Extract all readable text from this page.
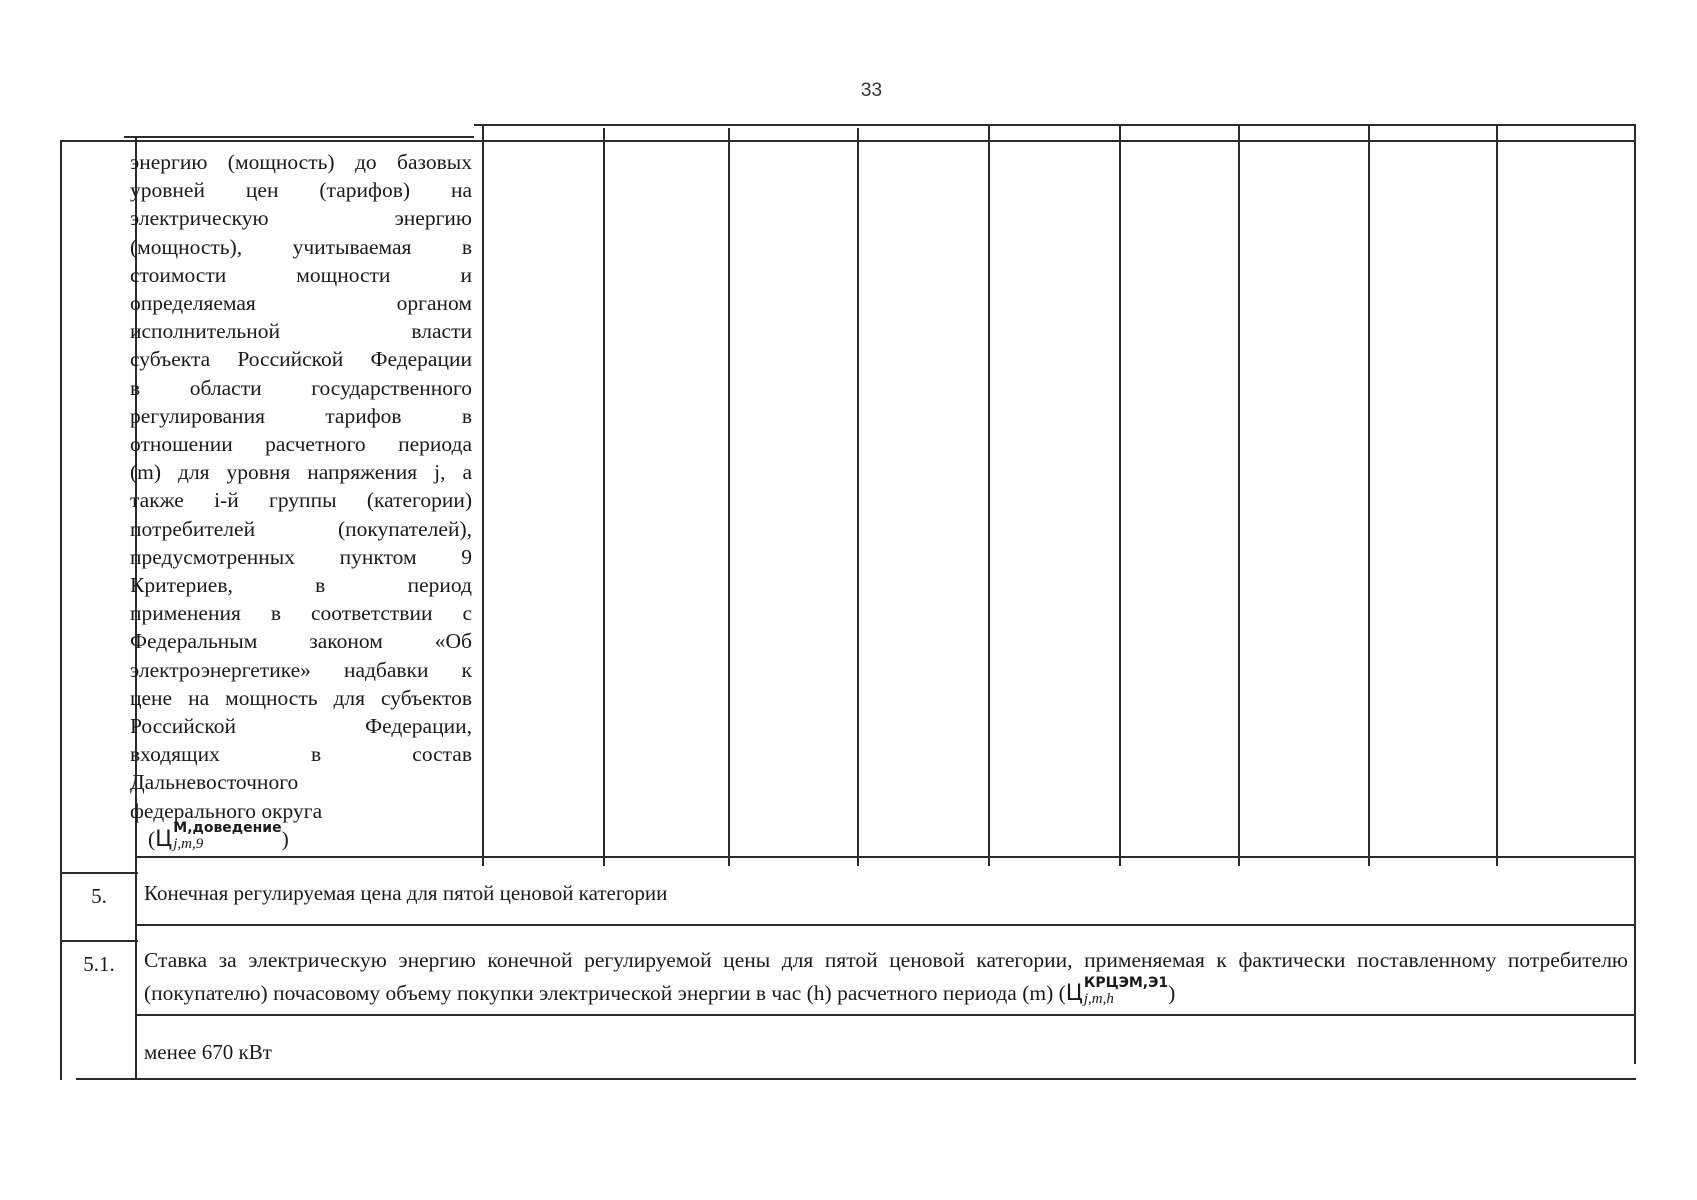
33
энергию (мощность) до базовых
уровней цен (тарифов) на
электрическую энергию
(мощность), учитываемая в
стоимости мощности и
определяемая органом
исполнительной власти
субъекта Российской Федерации
в области государственного
регулирования тарифов в
отношении расчетного периода
(m) для уровня напряжения j, а
также i-й группы (категории)
потребителей (покупателей),
предусмотренных пунктом 9
Критериев, в период
применения в соответствии с
Федеральным законом «Об
электроэнергетике» надбавки к
цене на мощность для субъектов
Российской Федерации,
входящих в состав
Дальневосточного
федерального округа
(Ц М,доведение
j,m,9	)
5.	Конечная регулируемая цена для пятой ценовой категории
5.1.	Ставка за электрическую энергию конечной регулируемой цены для пятой ценовой категории, применяемая к фактически поставленному потребителю (покупателю) почасовому объему покупки электрической энергии в час (h) расчетного периода (m) (Ц КРЦЭМ,Э1
j,m,h	)
менее 670 кВт
